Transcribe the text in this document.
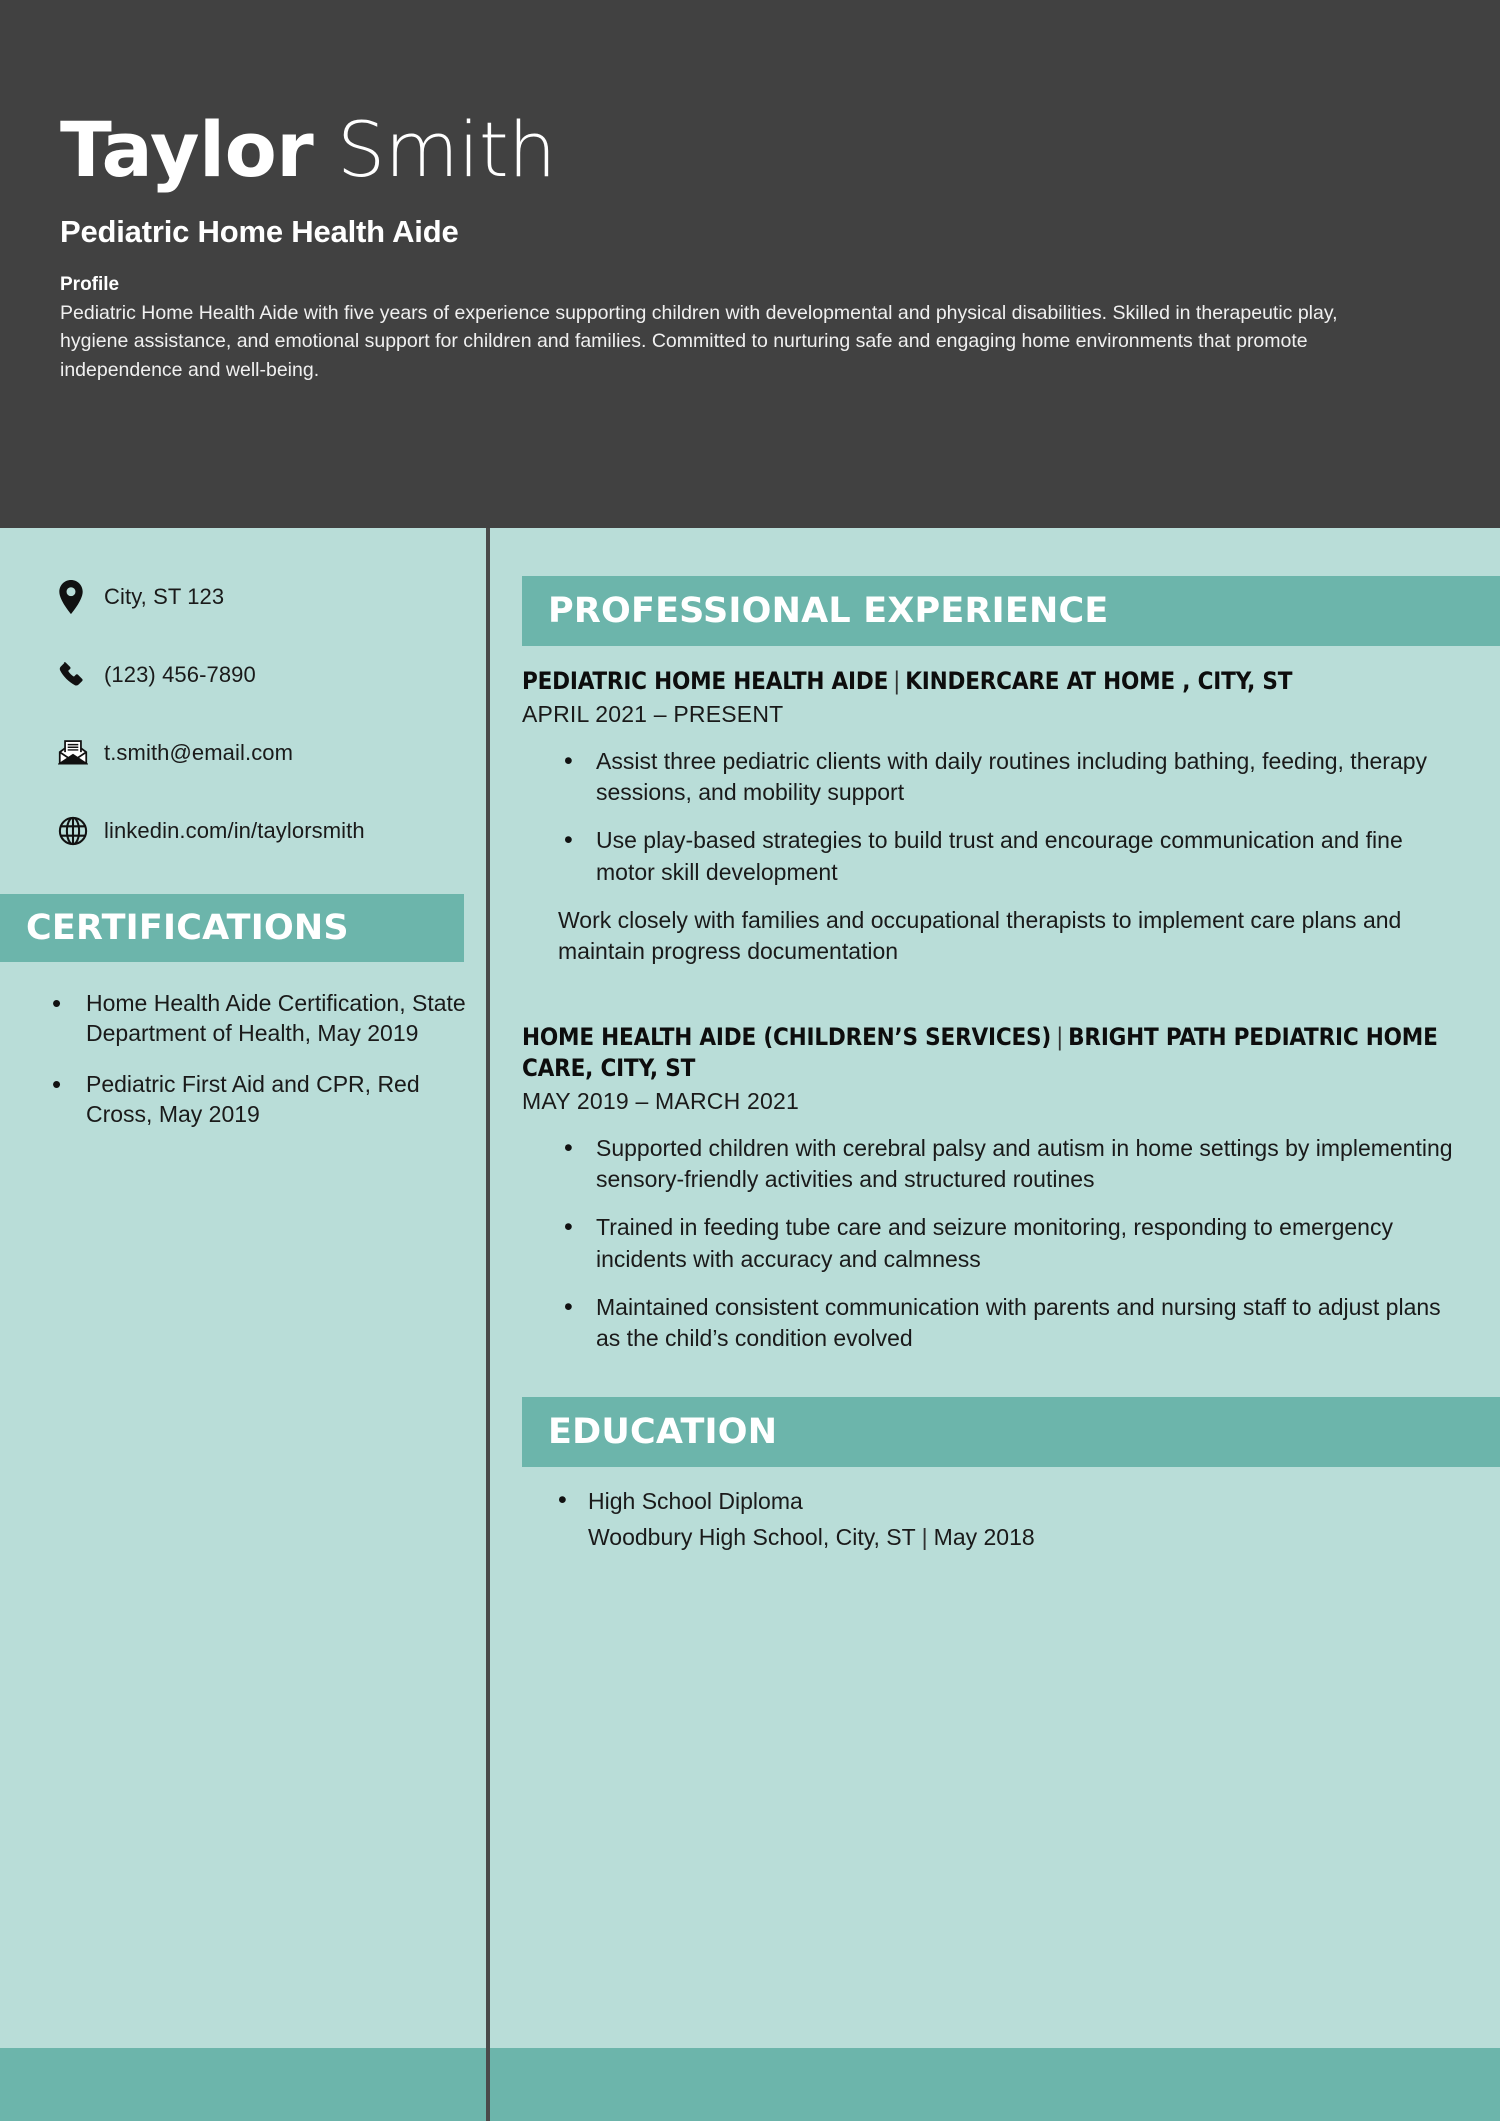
Taylor Smith
Pediatric Home Health Aide
Profile
Pediatric Home Health Aide with five years of experience supporting children with developmental and physical disabilities. Skilled in therapeutic play, hygiene assistance, and emotional support for children and families. Committed to nurturing safe and engaging home environments that promote independence and well-being.
City, ST 123
(123) 456-7890
t.smith@email.com
linkedin.com/in/taylorsmith
CERTIFICATIONS
• Home Health Aide Certification, State Department of Health, May 2019
• Pediatric First Aid and CPR, Red Cross, May 2019
PROFESSIONAL EXPERIENCE
PEDIATRIC HOME HEALTH AIDE | KINDERCARE AT HOME , CITY, ST
APRIL 2021 – PRESENT
• Assist three pediatric clients with daily routines including bathing, feeding, therapy sessions, and mobility support
• Use play-based strategies to build trust and encourage communication and fine motor skill development
Work closely with families and occupational therapists to implement care plans and maintain progress documentation
HOME HEALTH AIDE (CHILDREN’S SERVICES) | BRIGHT PATH PEDIATRIC HOME CARE, CITY, ST
MAY 2019 – MARCH 2021
• Supported children with cerebral palsy and autism in home settings by implementing sensory-friendly activities and structured routines
• Trained in feeding tube care and seizure monitoring, responding to emergency incidents with accuracy and calmness
• Maintained consistent communication with parents and nursing staff to adjust plans as the child’s condition evolved
EDUCATION
• High School Diploma
Woodbury High School, City, ST | May 2018
